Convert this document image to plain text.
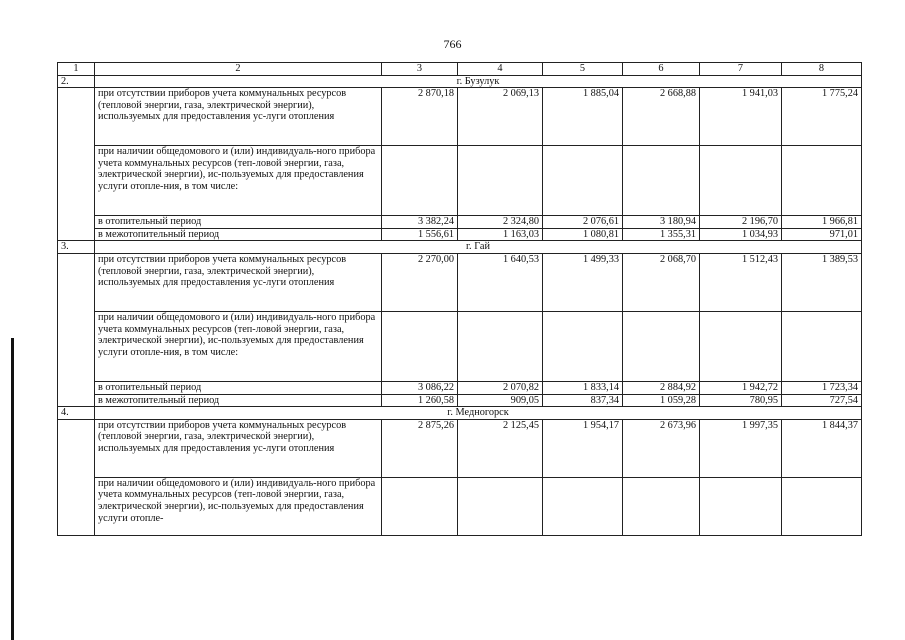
766
1	2	3	4	5	6	7	8
2.	г. Бузулук						
	при отсутствии приборов учета коммунальных ресурсов (тепловой энергии, газа, электрической энергии), используемых для предоставления ус-луги отопления	2 870,18	2 069,13	1 885,04	2 668,88	1 941,03	1 775,24
	при наличии общедомового и (или) индивидуаль-ного прибора учета коммунальных ресурсов (теп-ловой энергии, газа, электрической энергии), ис-пользуемых для предоставления услуги отопле-ния, в том числе:						
	в отопительный период	3 382,24	2 324,80	2 076,61	3 180,94	2 196,70	1 966,81
	в межотопительный период	1 556,61	1 163,03	1 080,81	1 355,31	1 034,93	971,01
3.	г. Гай						
	при отсутствии приборов учета коммунальных ресурсов (тепловой энергии, газа, электрической энергии), используемых для предоставления ус-луги отопления	2 270,00	1 640,53	1 499,33	2 068,70	1 512,43	1 389,53
	при наличии общедомового и (или) индивидуаль-ного прибора учета коммунальных ресурсов (теп-ловой энергии, газа, электрической энергии), ис-пользуемых для предоставления услуги отопле-ния, в том числе:						
	в отопительный период	3 086,22	2 070,82	1 833,14	2 884,92	1 942,72	1 723,34
	в межотопительный период	1 260,58	909,05	837,34	1 059,28	780,95	727,54
4.	г. Медногорск						
	при отсутствии приборов учета коммунальных ресурсов (тепловой энергии, газа, электрической энергии), используемых для предоставления ус-луги отопления	2 875,26	2 125,45	1 954,17	2 673,96	1 997,35	1 844,37
	при наличии общедомового и (или) индивидуаль-ного прибора учета коммунальных ресурсов (теп-ловой энергии, газа, электрической энергии), ис-пользуемых для предоставления услуги отопле-						
